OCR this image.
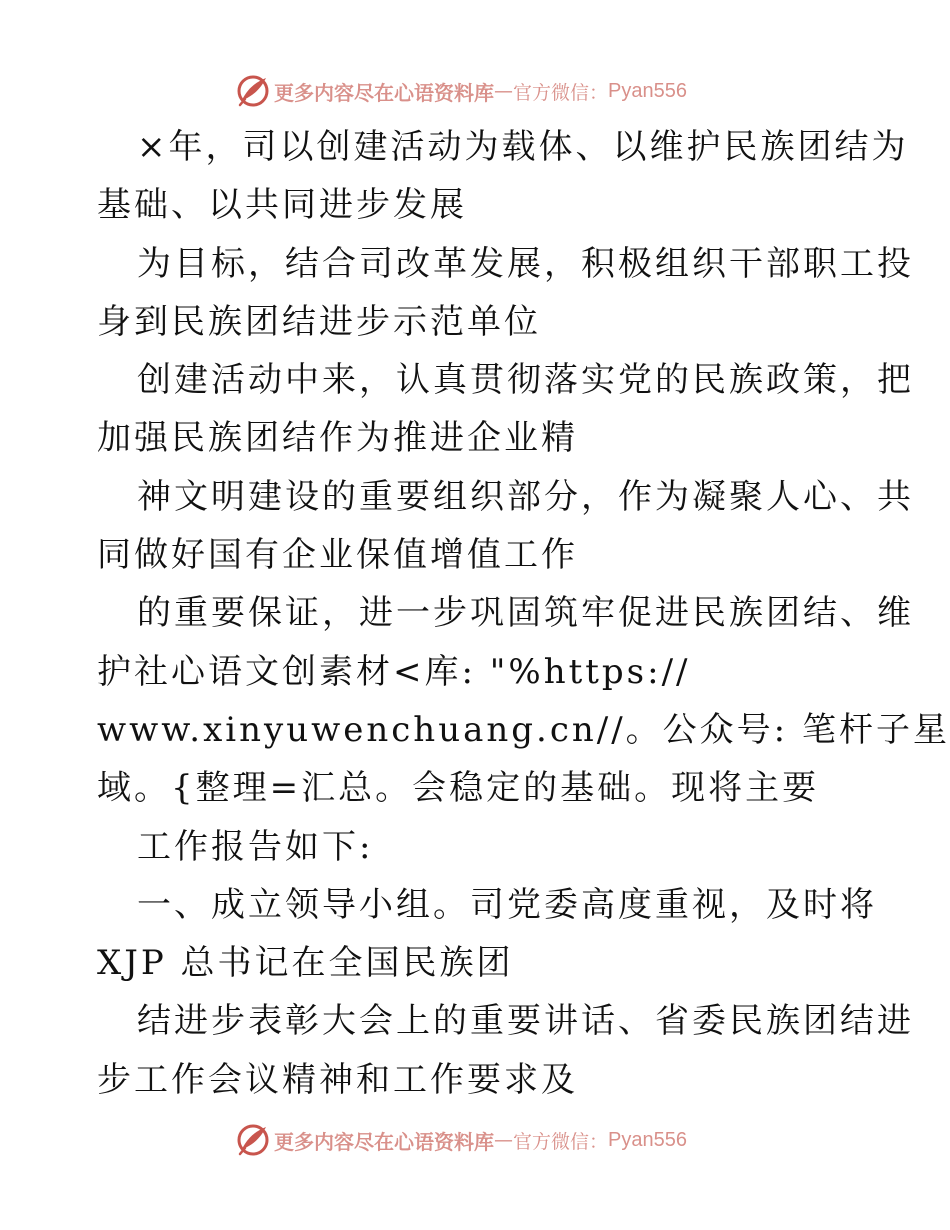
更多内容尽在心语资料库 — 官方微信： Pyan556
×年，司以创建活动为载体、以维护民族团结为
基础、以共同进步发展
为目标，结合司改革发展，积极组织干部职工投
身到民族团结进步示范单位
创建活动中来，认真贯彻落实党的民族政策，把
加强民族团结作为推进企业精
神文明建设的重要组织部分，作为凝聚人心、共
同做好国有企业保值增值工作
的重要保证，进一步巩固筑牢促进民族团结、维
护社心语文创素材<库: "%https://
www.xinyuwenchuang.cn//。公众号: 笔杆子星
域。{整理=汇总。会稳定的基础。现将主要
工作报告如下:
一、成立领导小组。司党委高度重视，及时将
XJP 总书记在全国民族团
结进步表彰大会上的重要讲话、省委民族团结进
步工作会议精神和工作要求及
更多内容尽在心语资料库 — 官方微信： Pyan556
